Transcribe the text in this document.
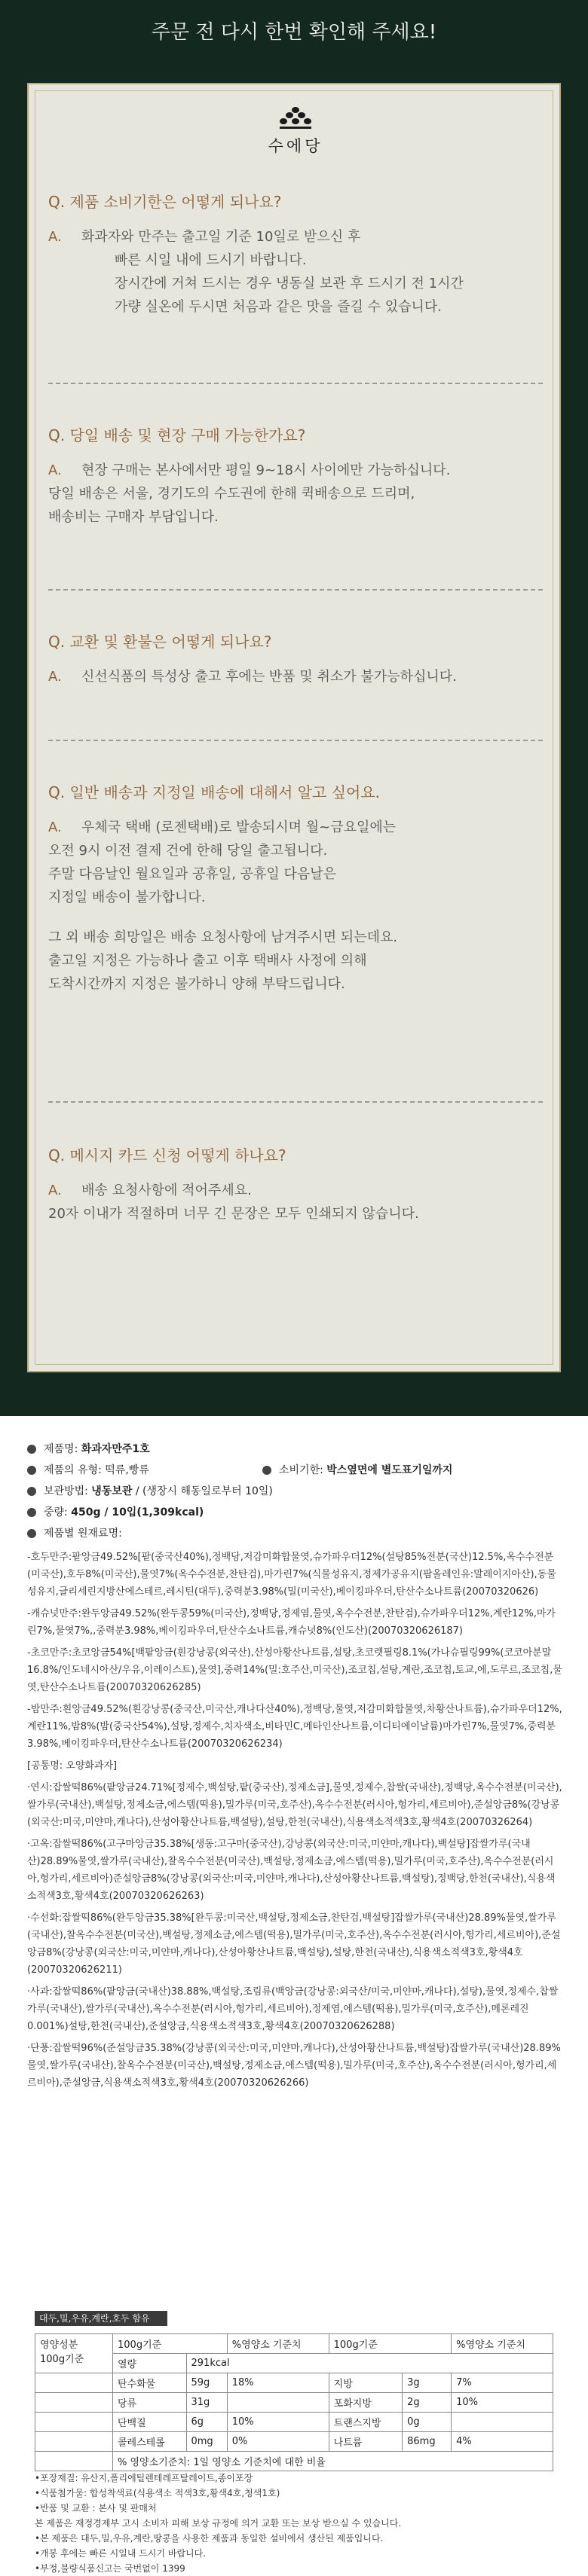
주문 전 다시 한번 확인해 주세요!
수에당
Q. 제품 소비기한은 어떻게 되나요?
A. 화과자와 만주는 출고일 기준 10일로 받으신 후
빠른 시일 내에 드시기 바랍니다.
장시간에 거쳐 드시는 경우 냉동실 보관 후 드시기 전 1시간
가량 실온에 두시면 처음과 같은 맛을 즐길 수 있습니다.
Q. 당일 배송 및 현장 구매 가능한가요?
A. 현장 구매는 본사에서만 평일 9~18시 사이에만 가능하십니다.
당일 배송은 서울, 경기도의 수도권에 한해 퀵배송으로 드리며,
배송비는 구매자 부담입니다.
Q. 교환 및 환불은 어떻게 되나요?
A. 신선식품의 특성상 출고 후에는 반품 및 취소가 불가능하십니다.
Q. 일반 배송과 지정일 배송에 대해서 알고 싶어요.
A. 우체국 택배 (로젠택배)로 발송되시며 월~금요일에는
오전 9시 이전 결제 건에 한해 당일 출고됩니다.
주말 다음날인 월요일과 공휴일, 공휴일 다음날은
지정일 배송이 불가합니다.
그 외 배송 희망일은 배송 요청사항에 남겨주시면 되는데요.
출고일 지정은 가능하나 출고 이후 택배사 사정에 의해
도착시간까지 지정은 불가하니 양해 부탁드립니다.
Q. 메시지 카드 신청 어떻게 하나요?
A. 배송 요청사항에 적어주세요.
20자 이내가 적절하며 너무 긴 문장은 모두 인쇄되지 않습니다.
제품명:
화과자만주1호
제품의 유형: 떡류,빵류	소비기한:
박스옆면에 별도표기일까지
보관방법:
냉동보관
/ (생장시 해동일로부터 10일)
중량:
450g / 10입(1,309kcal)
제품별 원재료명:
-호두만주:팥앙금49.52%[팥(중국산40%),정백당,저감미화합물엿,슈가파우더12%(설탕85%전분(국산)12.5%,옥수수전분(미국산),호두8%(미국산),물엿7%(옥수수전분,찬탄검),마가린7%(식물성유지,정제가공유지(팜올레인유:말레이지아산),동물성유지,글리세린지방산에스테르,레시틴(대두),중력분3.98%(밀(미국산),베이킹파우더,탄산수소나트륨(20070320626)
-캐슈넛만주:완두앙금49.52%(완두콩59%(미국산),정백당,정제염,물엿,옥수수전분,찬탄검),슈가파우더12%,계란12%,마가린7%,물엿7%,,중력분3.98%,베이킹파우더,탄산수소나트륨,캐슈넛8%(인도산)(20070320626187)
-초코만주:초코앙금54%[백팥앙금(흰강낭콩(외국산),산성아황산나트륨,설탕,초코렛필링8.1%(가나슈필링99%(코코아분말16.8%/인도네시아산/우유,이레이스트),물엿],중력14%(밀:호주산,미국산),조코칩,설탕,계란,조코칩,토교,에,도루르,조코칩,물엿,탄산수소나트륨(20070320626285)
-밤만주:흰앙금49.52%(흰강낭콩(중국산,미국산,캐나다산40%),정백당,물엿,저감미화합물엿,차황산나트륨),슈가파우더12%,계란11%,밤8%(밤(중국산54%),설탕,정제수,치자색소,비타민C,메타인산나트륨,이디티에이날륨)마가린7%,물엿7%,중력분3.98%,베이킹파우더,탄산수소나트륨(20070320626234)
[공통명: 오양화과자]
·연시:잡쌀떡86%(팥앙금24.71%[정제수,백설탕,팥(중국산),정제소금],물엿,정제수,찹쌀(국내산),정백당,옥수수전분(미국산),쌀가루(국내산),백설탕,정제소금,에스템(떡용),밀가루(미국,호주산),옥수수전분(러시아,헝가리,세르비아),준설앙금8%(강낭콩(외국산:미국,미얀마,캐나다),산성아황산나트륨,백설탕),설탕,한천(국내산),식용색소적색3호,황색4호(20070326264)
·고옥:잡쌀떡86%(고구마앙금35.38%[생동:고구마(중국산),강낭콩(외국산:미국,미얀마,캐나다),백설탕]잡쌀가루(국내산)28.89%물엿,쌀가루(국내산),찰옥수수전분(미국산),백설탕,정제소금,에스템(떡용),밀가루(미국,호주산),옥수수전분(러시아,헝가리,세르비아)준설앙금8%(강낭콩(외국산:미국,미얀마,캐나다),산성아황산나트륨,백설탕),정백당,한천(국내산),식용색소적색3호,황색4호(20070320626263)
·수선화:잡쌀떡86%(완두앙금35.38%[완두콩:미국산,백설탕,정제소금,찬탄검,백설탕]잡쌀가루(국내산)28.89%물엿,쌀가루(국내산),찰옥수수전분(미국산),백설탕,정제소금,에스템(떡용),밀가루(미국,호주산),옥수수전분(러시아,헝가리,세르비아),준설앙금8%(강낭콩(외국산:미국,미얀마,캐나다),산성아황산나트륨,백설탕),설탕,한천(국내산),식용색소적색3호,황색4호(20070320626211)
·사과:잡쌀떡86%(팥앙금(국내산)38.88%,백설탕,조림류(백앙금(강낭콩:외국산/미국,미얀마,캐나다),설탕),물엿,정제수,찹쌀가루(국내산),쌀가루(국내산),옥수수전분(러시아,헝가리,세르비아),정제염,에스템(떡용),밀가루(미국,호주산),메론레진0.001%)설탕,한천(국내산),준설앙금,식용색소적색3호,황색4호(20070320626288)
·단풍:잡쌀떡96%(준설앙금35.38%(강낭콩(외국산:미국,미얀마,캐나다),산성아황산나트륨,백설탕)잡쌀가루(국내산)28.89%물엿,쌀가루(국내산),찰옥수수전분(미국산),백설탕,정제소금,에스템(떡용),밀가루(미국,호주산),옥수수전분(러시아,헝가리,세르비아),준설앙금,식용색소적색3호,황색4호(20070320626266)
대두,밀,우유,계란,호두 함유
영양성분
100g기준	100g기준		%영양소 기준치	100g기준		%영양소 기준치
	열량	291kcal				
	탄수화물	59g	18%	지방	3g	7%
	당류	31g		포화지방	2g	10%
	단백질	6g	10%	트랜스지방	0g	
	콜레스테롤	0mg	0%	나트륨	86mg	4%
	% 영양소기준치: 1일 영양소 기준치에 대한 비율					
•포장재질: 유산지,폴리에틸렌테레프탈레이트,종이포장
•식품첨가물: 합성착색료(식용색소 적색3호,황색4호,청색1호)
•반품 및 교환 : 본사 및 판매처
본 제품은 재정경제부 고시 소비자 피해 보상 규정에 의거 교환 또는 보상 받으실 수 있습니다.
•본 제품은 대두,밀,우유,계란,땅콩을 사용한 제품과 동일한 설비에서 생산된 제품입니다.
•개봉 후에는 빠른 시일내 드시기 바랍니다.
•부정,불량식품신고는 국번없이 1399
